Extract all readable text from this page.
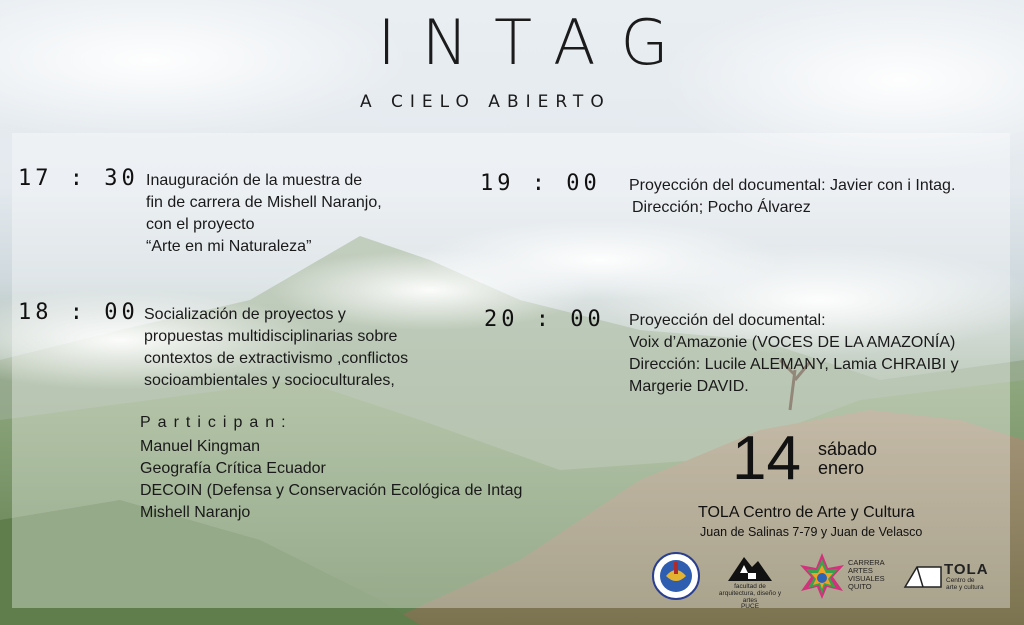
INTAG
A CIELO ABIERTO
17 : 30 Inauguración de la muestra de
fin de carrera de Mishell Naranjo,
con el proyecto
“Arte en mi Naturaleza”
18 : 00 Socialización de proyectos y
propuestas multidisciplinarias sobre
contextos de extractivismo ,conflictos
socioambientales y socioculturales,
19 : 00 Proyección del documental: Javier con i Intag.
Dirección; Pocho Álvarez
20 : 00 Proyección del documental:
Voix d’Amazonie (VOCES DE LA AMAZONÍA)
Dirección: Lucile ALEMANY, Lamia CHRAIBI y
Margerie DAVID.
Participan:
Manuel Kingman
Geografía Crítica Ecuador
DECOIN (Defensa y Conservación Ecológica de Intag
Mishell Naranjo
14 sábado
enero
TOLA Centro de Arte y Cultura
Juan de Salinas 7-79 y Juan de Velasco
facultad de
arquitectura, diseño y artes
PUCE
CARRERA
ARTES
VISUALES
QUITO
TOLA
Centro de
arte y cultura
